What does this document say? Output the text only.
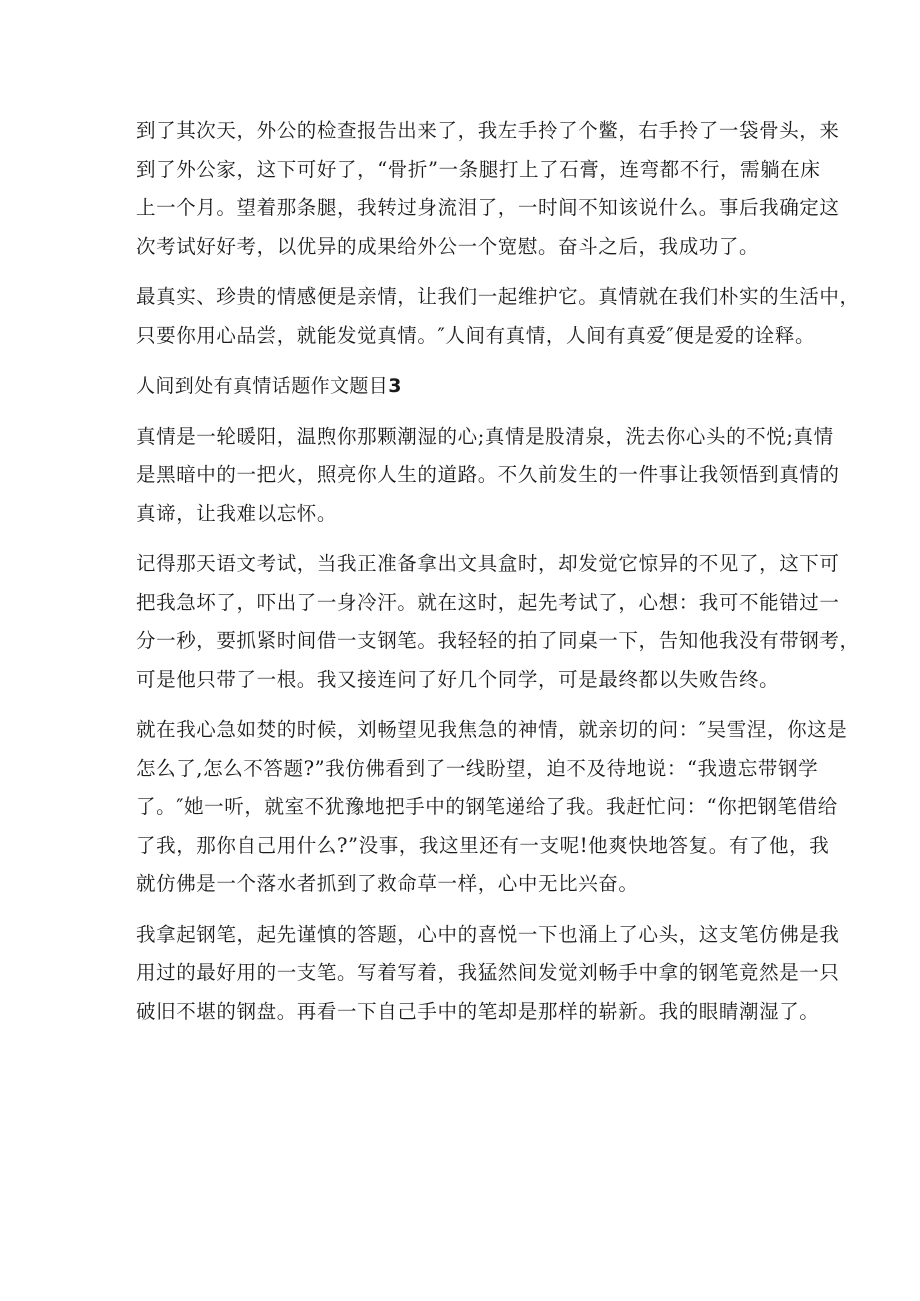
到了其次天，外公的检查报告出来了，我左手拎了个鳖，右手拎了一袋骨头，来
到了外公家，这下可好了，“骨折”一条腿打上了石膏，连弯都不行，需躺在床
上一个月。望着那条腿，我转过身流泪了，一时间不知该说什么。事后我确定这
次考试好好考，以优异的成果给外公一个宽慰。奋斗之后，我成功了。

最真实、珍贵的情感便是亲情，让我们一起维护它。真情就在我们朴实的生活中，
只要你用心品尝，就能发觉真情。″人间有真情，人间有真爱″便是爱的诠释。

人间到处有真情话题作文题目3

真情是一轮暖阳，温煦你那颗潮湿的心;真情是股清泉，洗去你心头的不悦;真情
是黑暗中的一把火，照亮你人生的道路。不久前发生的一件事让我领悟到真情的
真谛，让我难以忘怀。

记得那天语文考试，当我正准备拿出文具盒时，却发觉它惊异的不见了，这下可
把我急坏了，吓出了一身冷汗。就在这时，起先考试了，心想：我可不能错过一
分一秒，要抓紧时间借一支钢笔。我轻轻的拍了同桌一下，告知他我没有带钢考，
可是他只带了一根。我又接连问了好几个同学，可是最终都以失败告终。

就在我心急如焚的时候，刘畅望见我焦急的神情，就亲切的问：″吴雪涅，你这是
怎么了,怎么不答题?”我仿佛看到了一线盼望，迫不及待地说：“我遗忘带钢学
了。″她一听，就室不犹豫地把手中的钢笔递给了我。我赶忙问：“你把钢笔借给
了我，那你自己用什么?”没事，我这里还有一支呢!他爽快地答复。有了他，我
就仿佛是一个落水者抓到了救命草一样，心中无比兴奋。

我拿起钢笔，起先谨慎的答题，心中的喜悦一下也涌上了心头，这支笔仿佛是我
用过的最好用的一支笔。写着写着，我猛然间发觉刘畅手中拿的钢笔竟然是一只
破旧不堪的钢盘。再看一下自己手中的笔却是那样的崭新。我的眼睛潮湿了。
